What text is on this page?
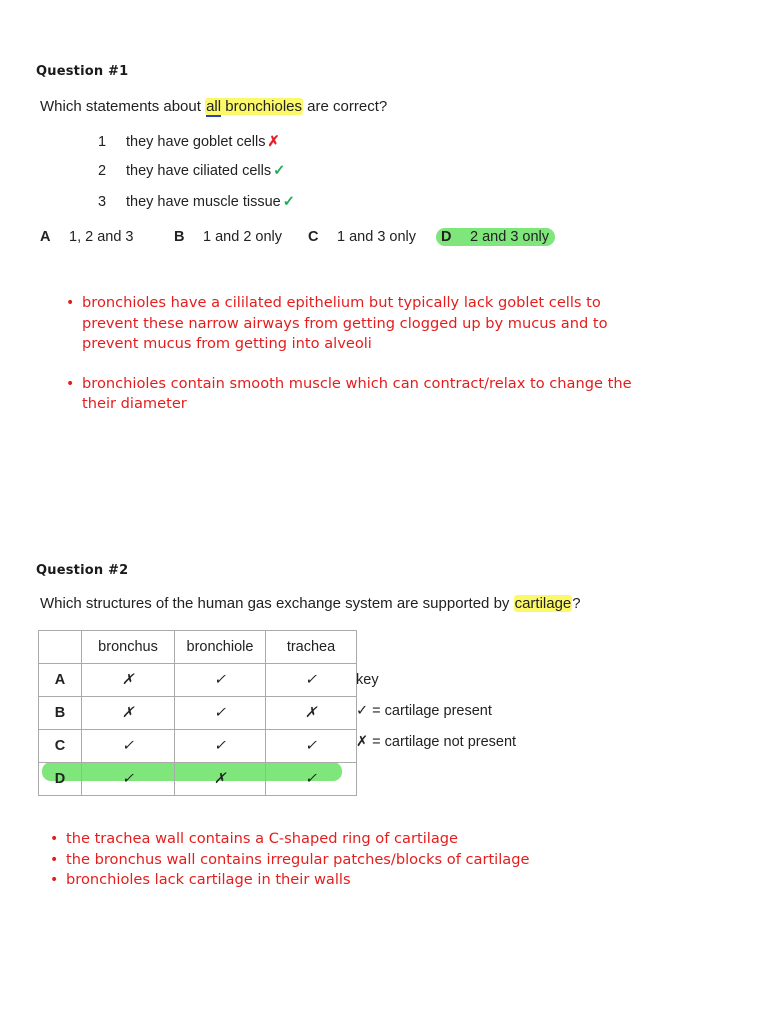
Question #1
Which statements about all bronchioles are correct?
1 they have goblet cells ✗
2 they have ciliated cells ✓
3 they have muscle tissue ✓
A 1, 2 and 3	B 1 and 2 only C 1 and 3 only	D 2 and 3 only
• bronchioles have a cililated epithelium but typically lack goblet cells to
prevent these narrow airways from getting clogged up by mucus and to
prevent mucus from getting into alveoli
• bronchioles contain smooth muscle which can contract/relax to change the
their diameter
Question #2
Which structures of the human gas exchange system are supported by cartilage?
	bronchus	bronchiole	trachea
A	✗	✓	✓
B	✗	✓	✗
C	✓	✓	✓
D	✓	✗	✓
key
✓ = cartilage present
✗ = cartilage not present
• the trachea wall contains a C-shaped ring of cartilage
• the bronchus wall contains irregular patches/blocks of cartilage
• bronchioles lack cartilage in their walls
